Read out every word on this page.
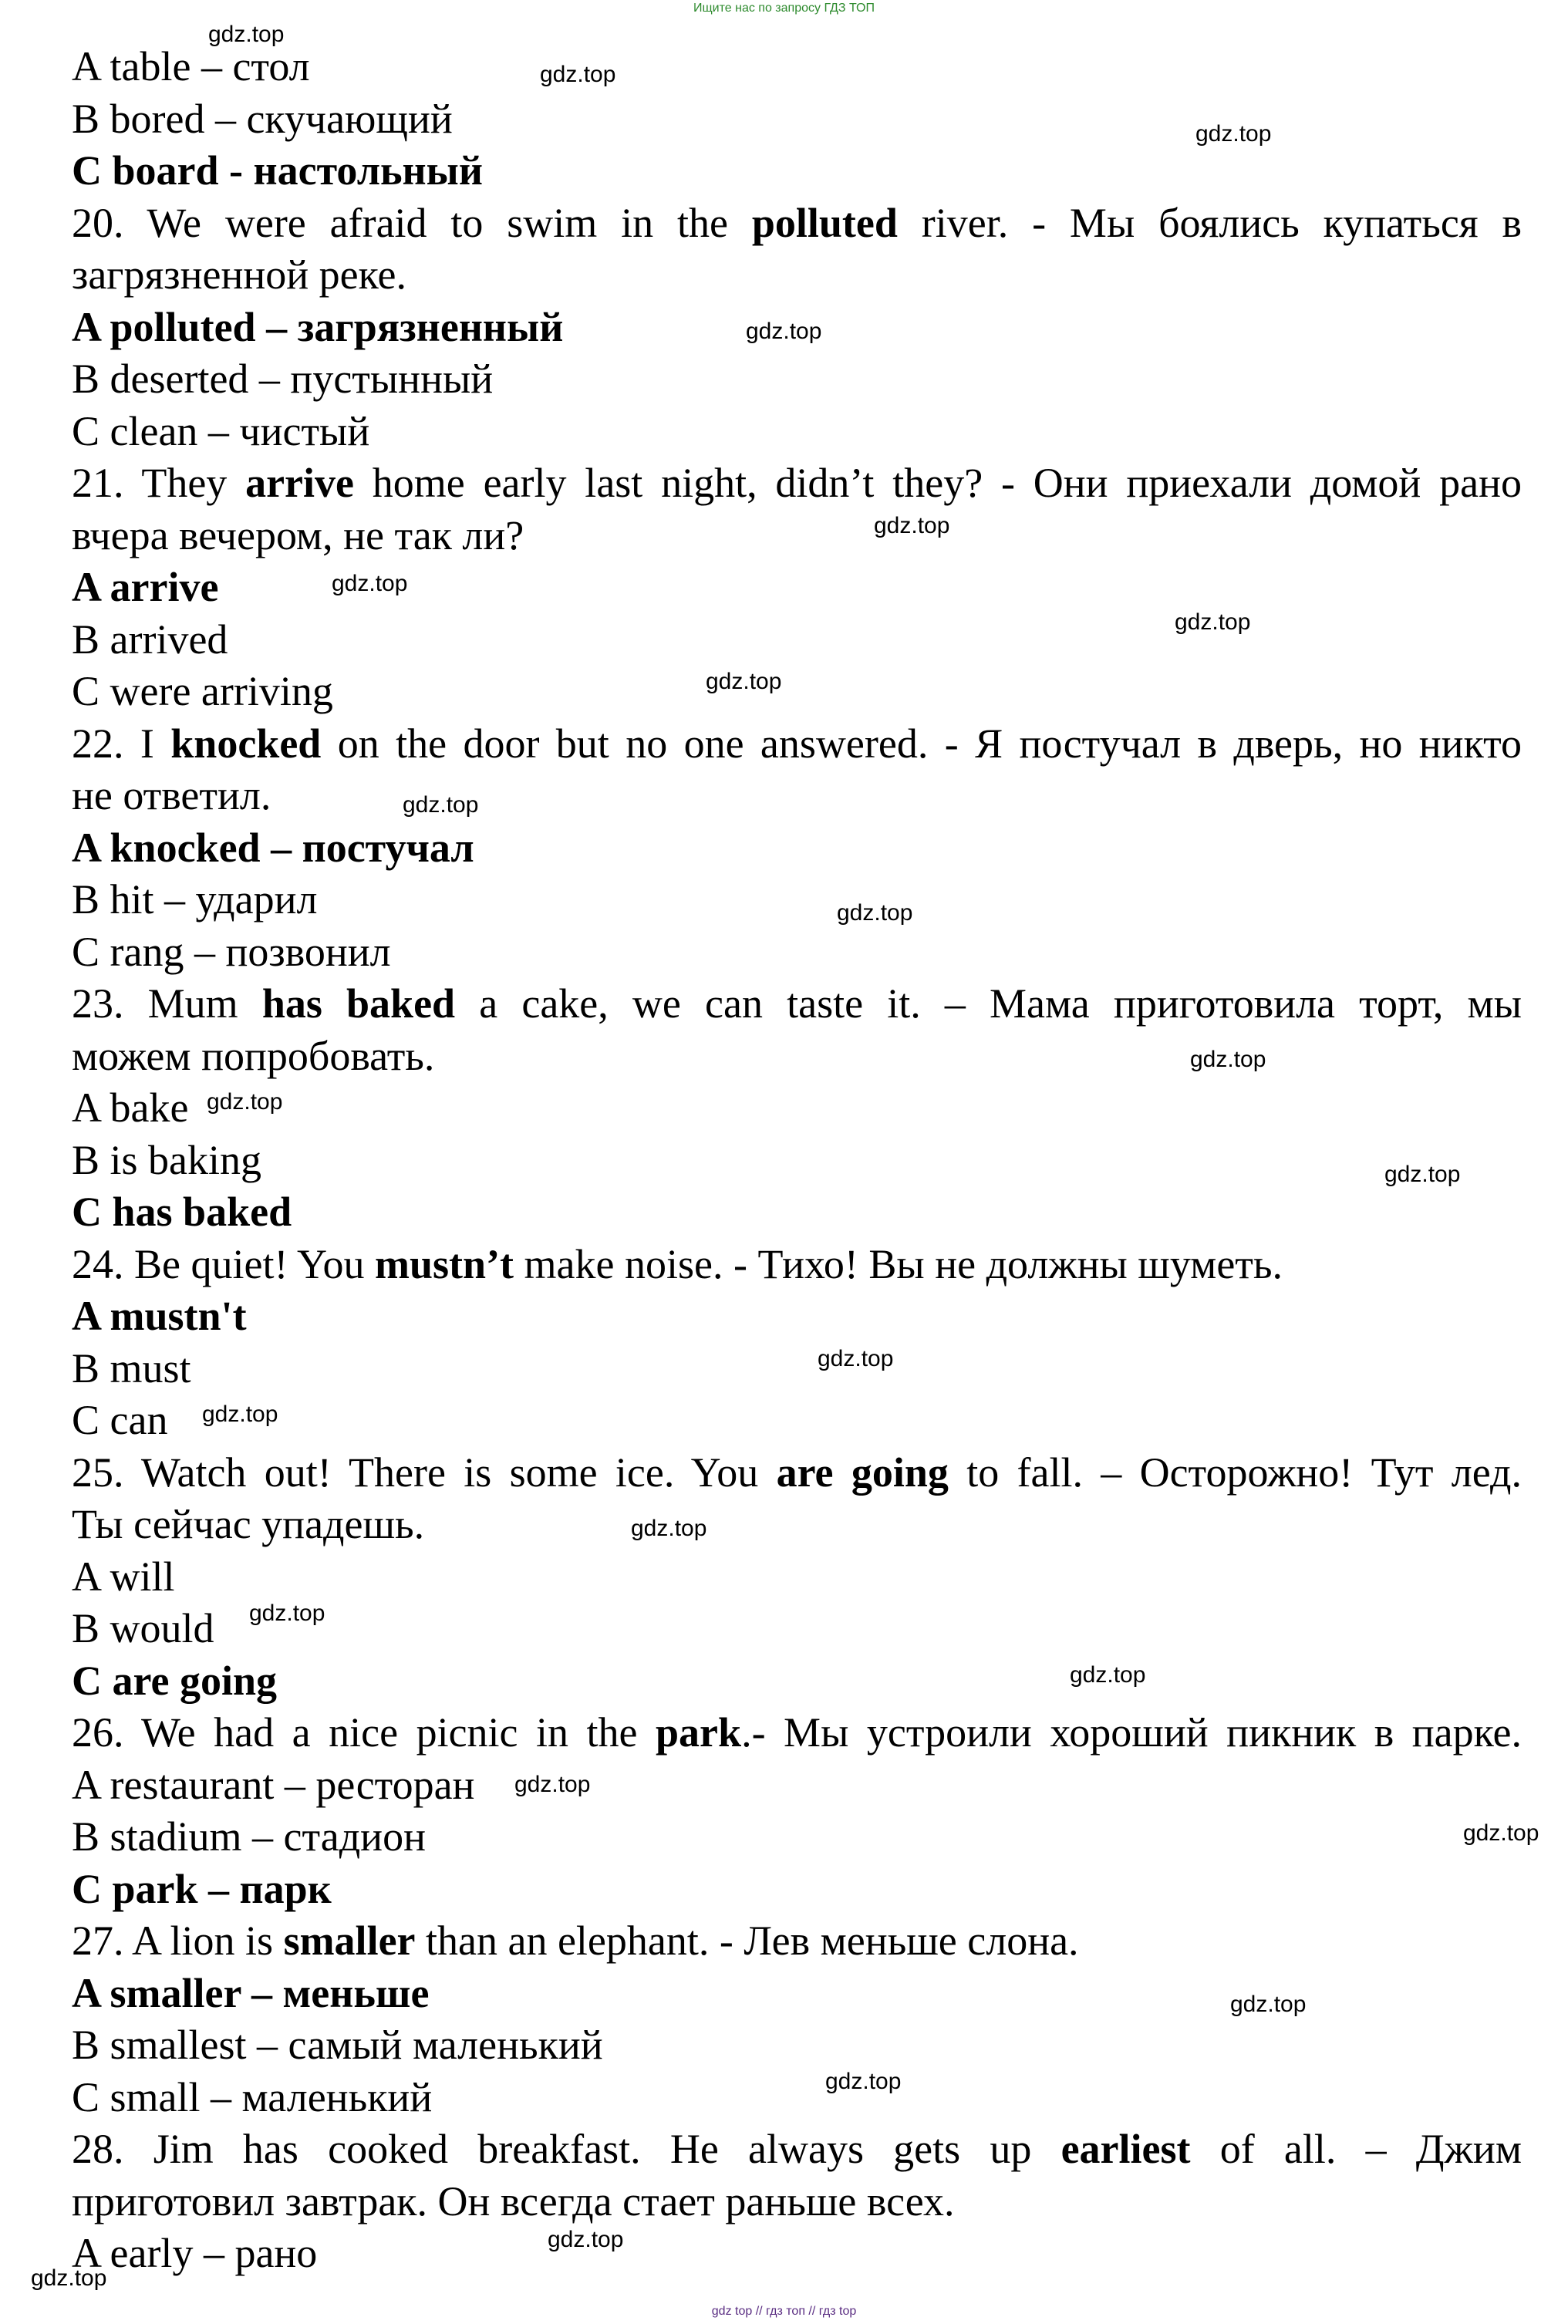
Ищите нас по запросу ГДЗ ТОП
A table – стол
B bored – скучающий
C board - настольный
20. We were afraid to swim in the polluted river. - Мы боялись купаться в
загрязненной реке.
A polluted – загрязненный
B deserted – пустынный
C clean – чистый
21. They arrive home early last night, didn’t they? - Они приехали домой рано
вчера вечером, не так ли?
A arrive
B arrived
C were arriving
22. I knocked on the door but no one answered. - Я постучал в дверь, но никто
не ответил.
A knocked – постучал
B hit – ударил
C rang – позвонил
23. Mum has baked a cake, we can taste it. – Мама приготовила торт, мы
можем попробовать.
A bake
B is baking
C has baked
24. Be quiet! You mustn’t make noise. - Тихо! Вы не должны шуметь.
A mustn't
B must
C can
25. Watch out! There is some ice. You are going to fall. – Осторожно! Тут лед.
Ты сейчас упадешь.
A will
B would
C are going
26. We had a nice picnic in the park.- Мы устроили хороший пикник в парке.
A restaurant – ресторан
B stadium – стадион
C park – парк
27. A lion is smaller than an elephant. - Лев меньше слона.
A smaller – меньше
B smallest – самый маленький
C small – маленький
28. Jim has cooked breakfast. He always gets up earliest of all. – Джим
приготовил завтрак. Он всегда стает раньше всех.
A early – рано
gdz.top
gdz.top
gdz.top
gdz.top
gdz.top
gdz.top
gdz.top
gdz.top
gdz.top
gdz.top
gdz.top
gdz.top
gdz.top
gdz.top
gdz.top
gdz.top
gdz.top
gdz.top
gdz.top
gdz.top
gdz.top
gdz.top
gdz.top
gdz.top
gdz top // гдз топ // гдз top
